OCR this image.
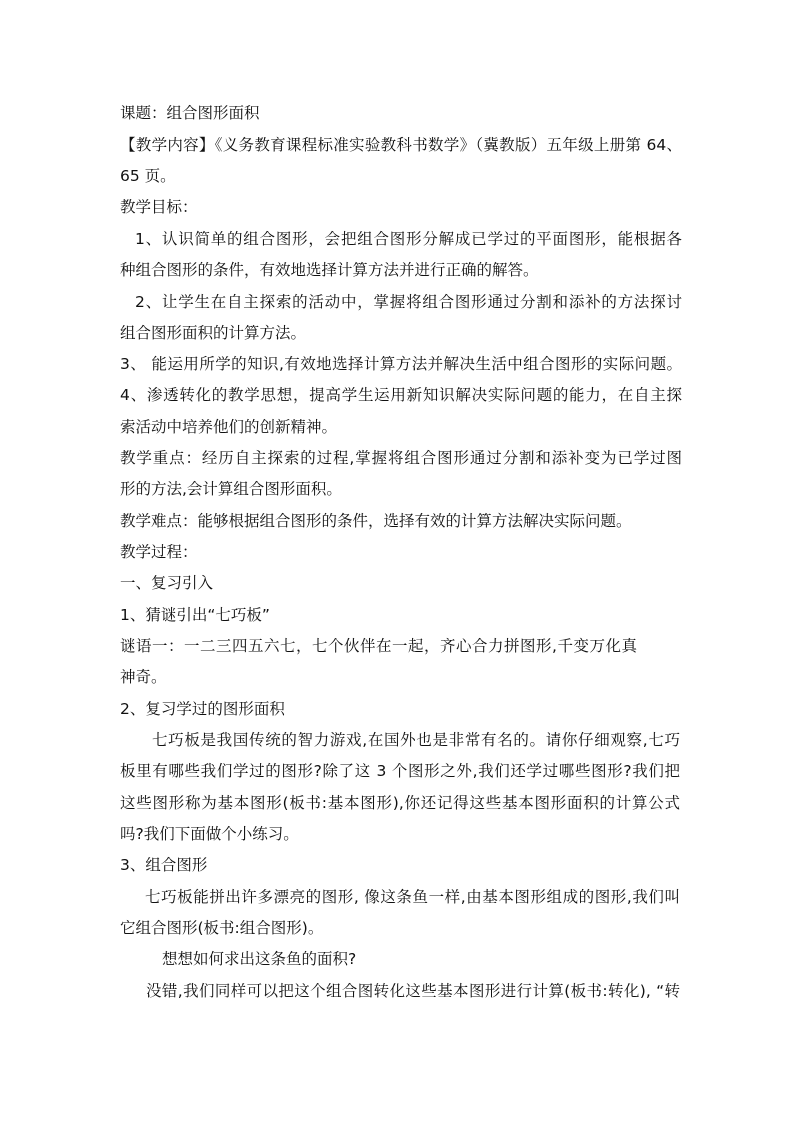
课题：组合图形面积
【教学内容】《义务教育课程标准实验教科书数学》（冀教版）五年级上册第 64、
65 页。
教学目标：
1、认识简单的组合图形，会把组合图形分解成已学过的平面图形，能根据各
种组合图形的条件，有效地选择计算方法并进行正确的解答。
2、让学生在自主探索的活动中，掌握将组合图形通过分割和添补的方法探讨
组合图形面积的计算方法。
3、 能运用所学的知识,有效地选择计算方法并解决生活中组合图形的实际问题。
4、渗透转化的教学思想，提高学生运用新知识解决实际问题的能力，在自主探
索活动中培养他们的创新精神。
教学重点：经历自主探索的过程,掌握将组合图形通过分割和添补变为已学过图
形的方法,会计算组合图形面积。
教学难点：能够根据组合图形的条件，选择有效的计算方法解决实际问题。
教学过程：
一、复习引入
1、猜谜引出“七巧板”
谜语一：一二三四五六七，七个伙伴在一起，齐心合力拼图形,千变万化真
神奇。
2、复习学过的图形面积
七巧板是我国传统的智力游戏,在国外也是非常有名的。请你仔细观察,七巧
板里有哪些我们学过的图形?除了这 3 个图形之外,我们还学过哪些图形?我们把
这些图形称为基本图形(板书:基本图形),你还记得这些基本图形面积的计算公式
吗?我们下面做个小练习。
3、组合图形
七巧板能拼出许多漂亮的图形, 像这条鱼一样,由基本图形组成的图形,我们叫
它组合图形(板书:组合图形)。
想想如何求出这条鱼的面积?
没错,我们同样可以把这个组合图转化这些基本图形进行计算(板书:转化), “转
